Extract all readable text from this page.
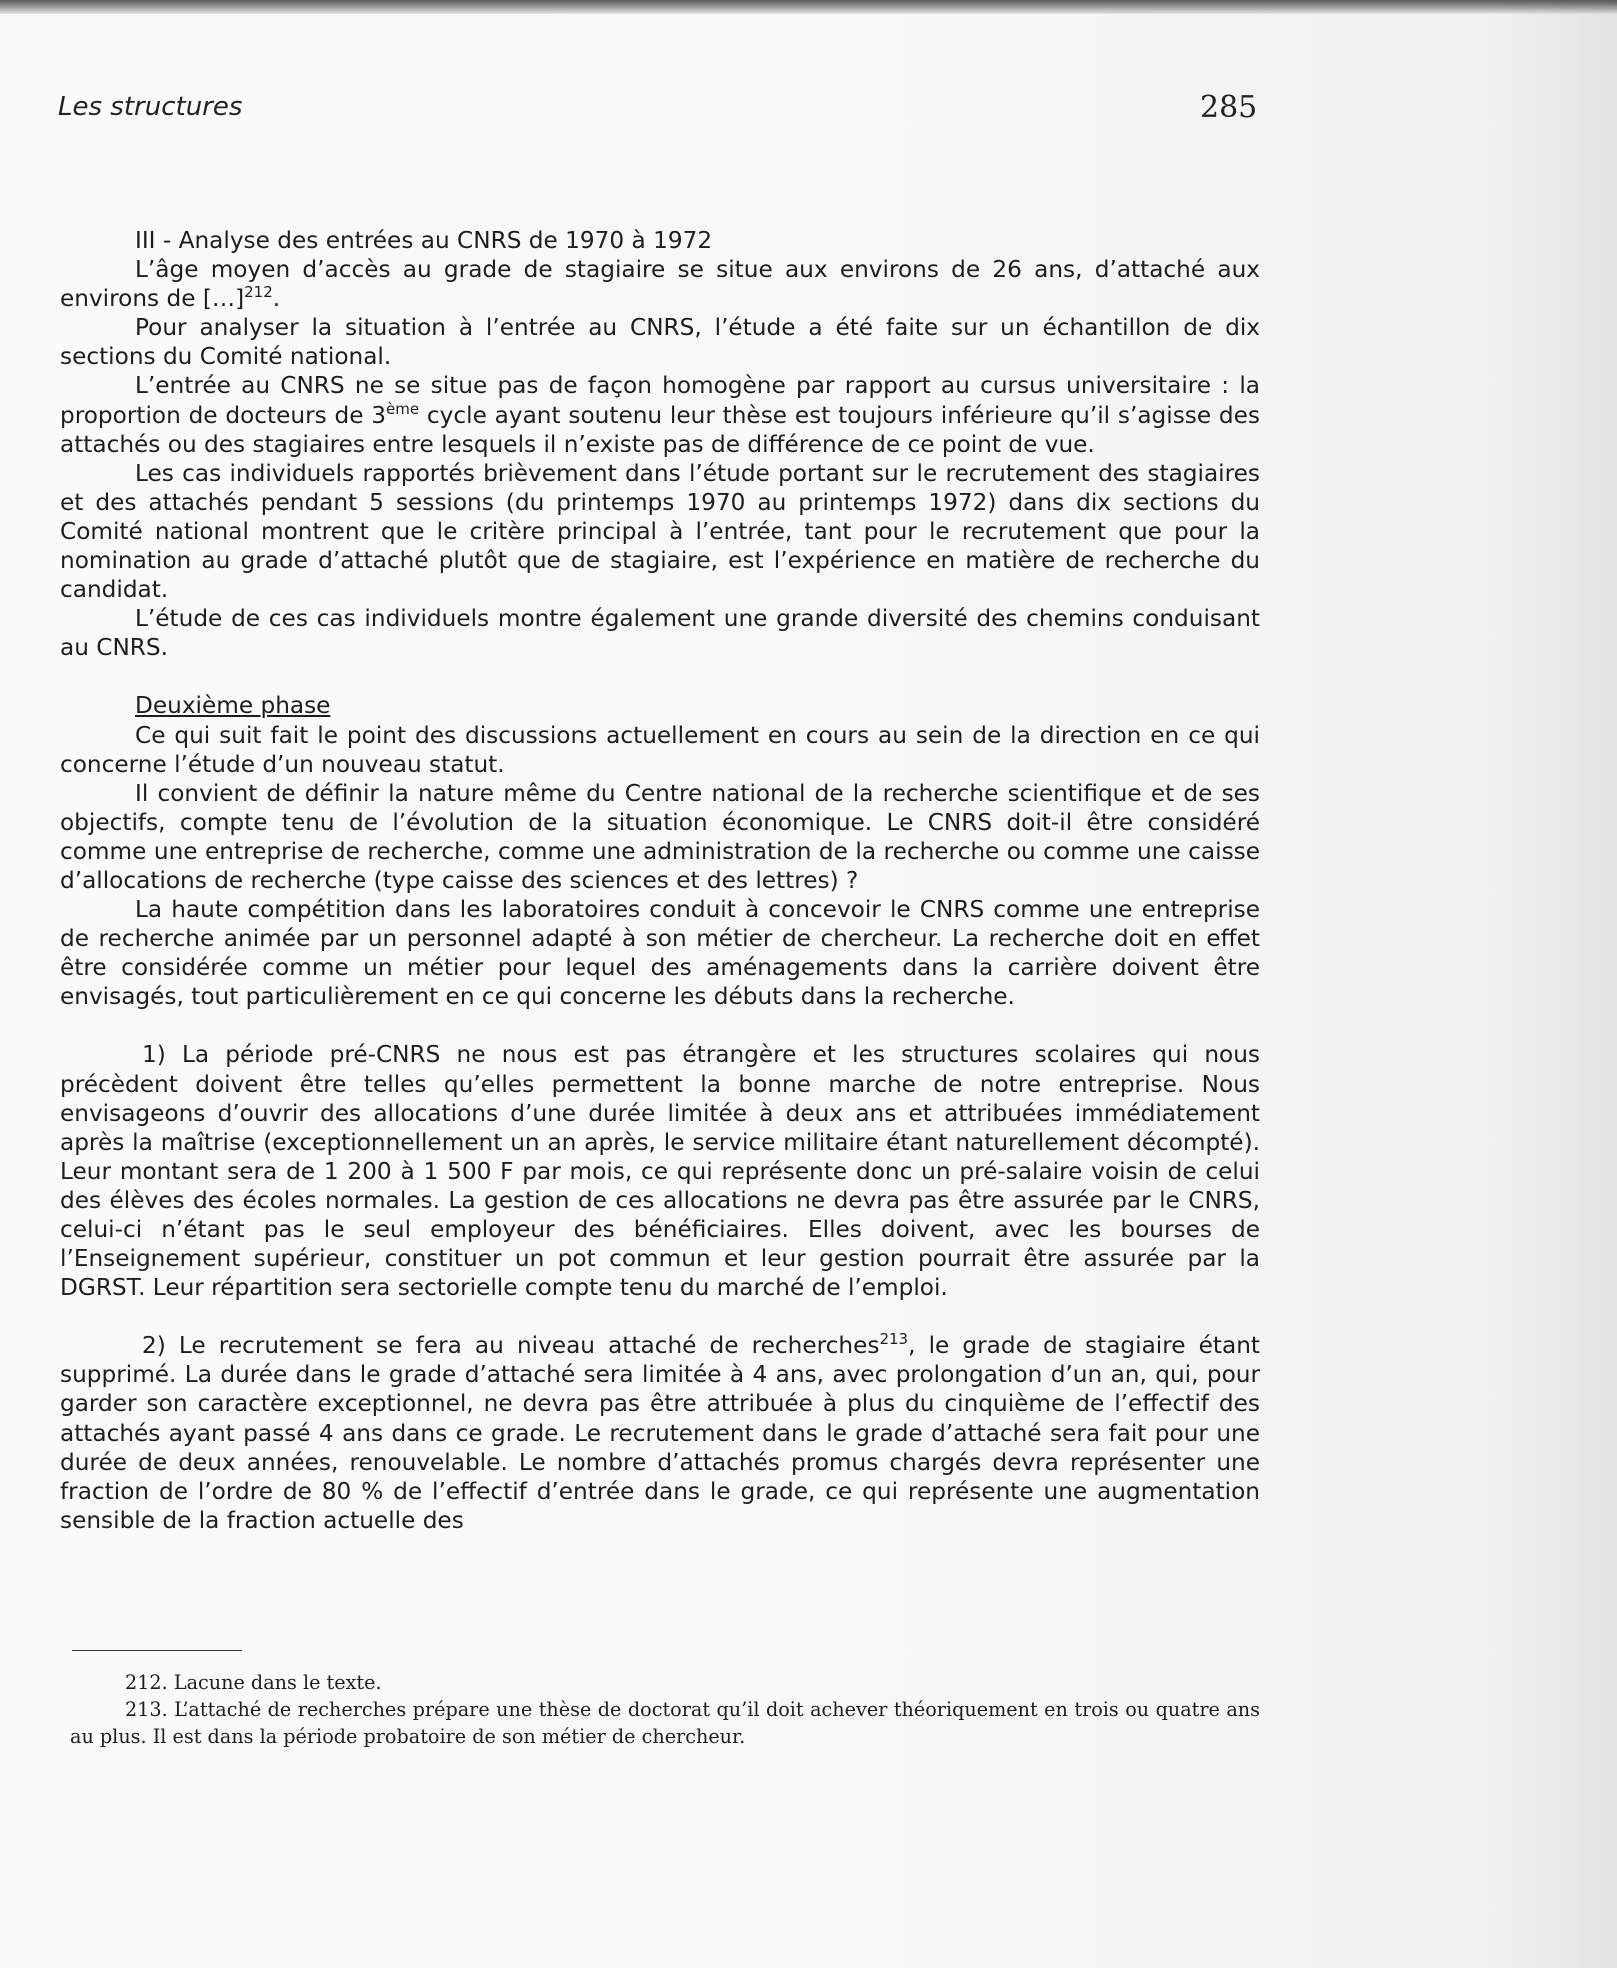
Les structures	285

III - Analyse des entrées au CNRS de 1970 à 1972

L’âge moyen d’accès au grade de stagiaire se situe aux environs de 26 ans, d’attaché aux environs de […]$^{212}$.

Pour analyser la situation à l’entrée au CNRS, l’étude a été faite sur un échantillon de dix sections du Comité national.

L’entrée au CNRS ne se situe pas de façon homogène par rapport au cursus universitaire : la proportion de docteurs de 3ème cycle ayant soutenu leur thèse est toujours inférieure qu’il s’agisse des attachés ou des stagiaires entre lesquels il n’existe pas de différence de ce point de vue.

Les cas individuels rapportés brièvement dans l’étude portant sur le recrutement des stagiaires et des attachés pendant 5 sessions (du printemps 1970 au printemps 1972) dans dix sections du Comité national montrent que le critère principal à l’entrée, tant pour le recrutement que pour la nomination au grade d’attaché plutôt que de stagiaire, est l’expérience en matière de recherche du candidat.

L’étude de ces cas individuels montre également une grande diversité des chemins conduisant au CNRS.

Deuxième phase

Ce qui suit fait le point des discussions actuellement en cours au sein de la direction en ce qui concerne l’étude d’un nouveau statut.

Il convient de définir la nature même du Centre national de la recherche scientifique et de ses objectifs, compte tenu de l’évolution de la situation économique. Le CNRS doit-il être considéré comme une entreprise de recherche, comme une administration de la recherche ou comme une caisse d’allocations de recherche (type caisse des sciences et des lettres) ?

La haute compétition dans les laboratoires conduit à concevoir le CNRS comme une entreprise de recherche animée par un personnel adapté à son métier de chercheur. La recherche doit en effet être considérée comme un métier pour lequel des aménagements dans la carrière doivent être envisagés, tout particulièrement en ce qui concerne les débuts dans la recherche.

1) La période pré-CNRS ne nous est pas étrangère et les structures scolaires qui nous précèdent doivent être telles qu’elles permettent la bonne marche de notre entreprise. Nous envisageons d’ouvrir des allocations d’une durée limitée à deux ans et attribuées immédiatement après la maîtrise (exceptionnellement un an après, le service militaire étant naturellement décompté). Leur montant sera de 1 200 à 1 500 F par mois, ce qui représente donc un pré-salaire voisin de celui des élèves des écoles normales. La gestion de ces allocations ne devra pas être assurée par le CNRS, celui-ci n’étant pas le seul employeur des bénéficiaires. Elles doivent, avec les bourses de l’Enseignement supérieur, constituer un pot commun et leur gestion pourrait être assurée par la DGRST. Leur répartition sera sectorielle compte tenu du marché de l’emploi.

2) Le recrutement se fera au niveau attaché de recherches$^{213}$, le grade de stagiaire étant supprimé. La durée dans le grade d’attaché sera limitée à 4 ans, avec prolongation d’un an, qui, pour garder son caractère exceptionnel, ne devra pas être attribuée à plus du cinquième de l’effectif des attachés ayant passé 4 ans dans ce grade. Le recrutement dans le grade d’attaché sera fait pour une durée de deux années, renouvelable. Le nombre d’attachés promus chargés devra représenter une fraction de l’ordre de 80 % de l’effectif d’entrée dans le grade, ce qui représente une augmentation sensible de la fraction actuelle des

212. Lacune dans le texte.

213. L’attaché de recherches prépare une thèse de doctorat qu’il doit achever théoriquement en trois ou quatre ans au plus. Il est dans la période probatoire de son métier de chercheur.
